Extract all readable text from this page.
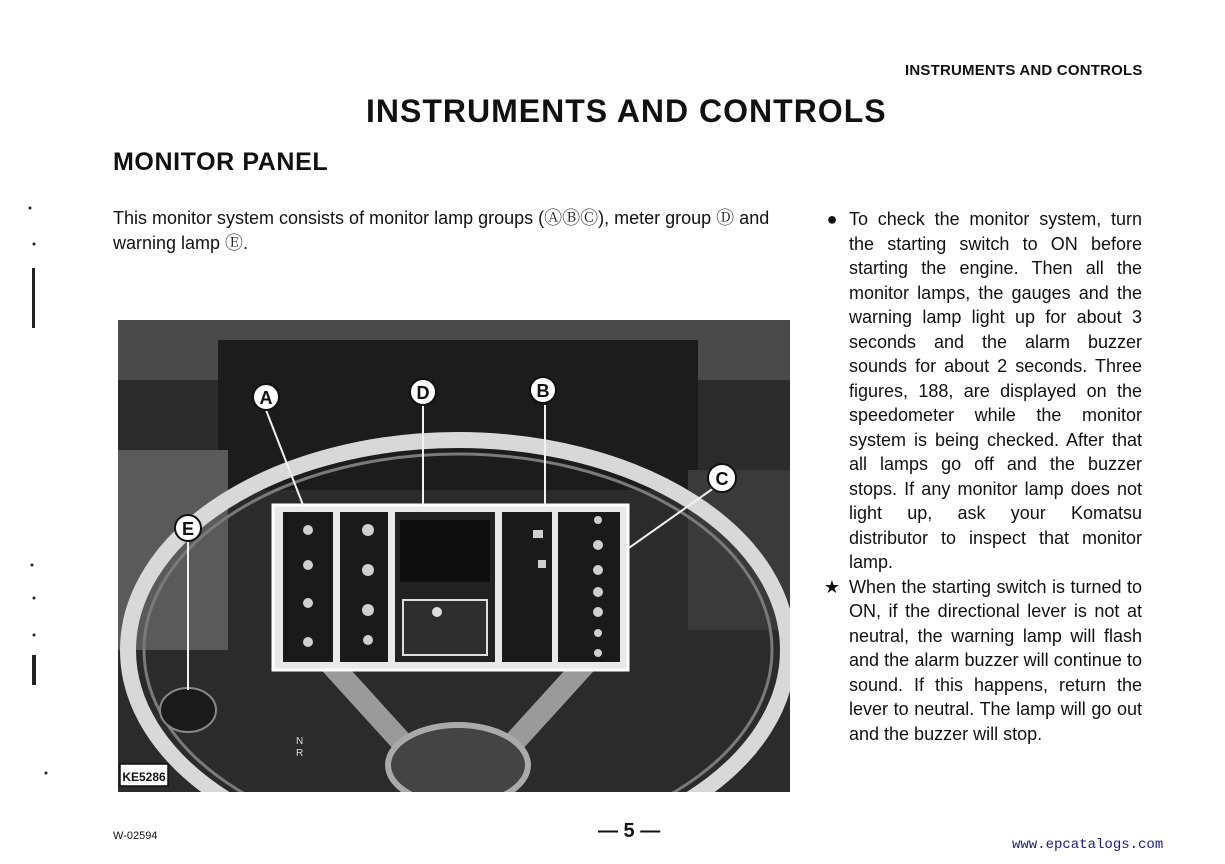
INSTRUMENTS AND CONTROLS
INSTRUMENTS AND CONTROLS
MONITOR PANEL
This monitor system consists of monitor lamp groups (ⒶⒷⒸ), meter group Ⓓ and warning lamp Ⓔ.
● To check the monitor system, turn the starting switch to ON before starting the engine. Then all the monitor lamps, the gauges and the warning lamp light up for about 3 seconds and the alarm buzzer sounds for about 2 seconds. Three figures, 188, are displayed on the speedometer while the monitor system is being checked. After that all lamps go off and the buzzer stops. If any monitor lamp does not light up, ask your Komatsu distributor to inspect that monitor lamp.
★ When the starting switch is turned to ON, if the directional lever is not at neutral, the warning lamp will flash and the alarm buzzer will continue to sound. If this happens, return the lever to neutral. The lamp will go out and the buzzer will stop.
A	D	B
C
E
N
R
KE5286
W-02594	— 5 —
www.epcatalogs.com
